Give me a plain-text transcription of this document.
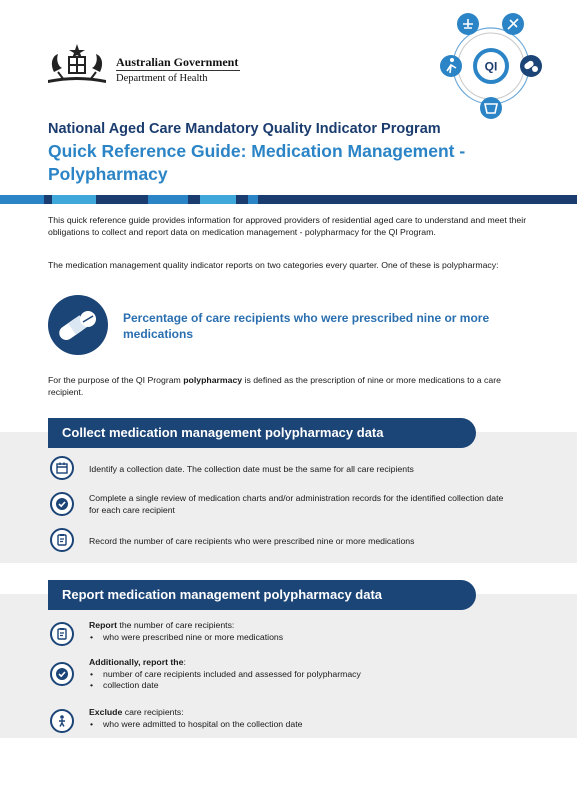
Australian Government
Department of Health
QI
National Aged Care Mandatory Quality Indicator Program
Quick Reference Guide: Medication Management - Polypharmacy
This quick reference guide provides information for approved providers of residential aged care to understand and meet their obligations to collect and report data on medication management - polypharmacy for the QI Program.
The medication management quality indicator reports on two categories every quarter. One of these is polypharmacy:
Percentage of care recipients who were prescribed nine or more medications
For the purpose of the QI Program polypharmacy is defined as the prescription of nine or more medications to a care recipient.
Collect medication management polypharmacy data
Identify a collection date. The collection date must be the same for all care recipients
Complete a single review of medication charts and/or administration records for the identified collection date for each care recipient
Record the number of care recipients who were prescribed nine or more medications
Report medication management polypharmacy data
Report the number of care recipients:
• who were prescribed nine or more medications
Additionally, report the:
• number of care recipients included and assessed for polypharmacy
• collection date
Exclude care recipients:
• who were admitted to hospital on the collection date
